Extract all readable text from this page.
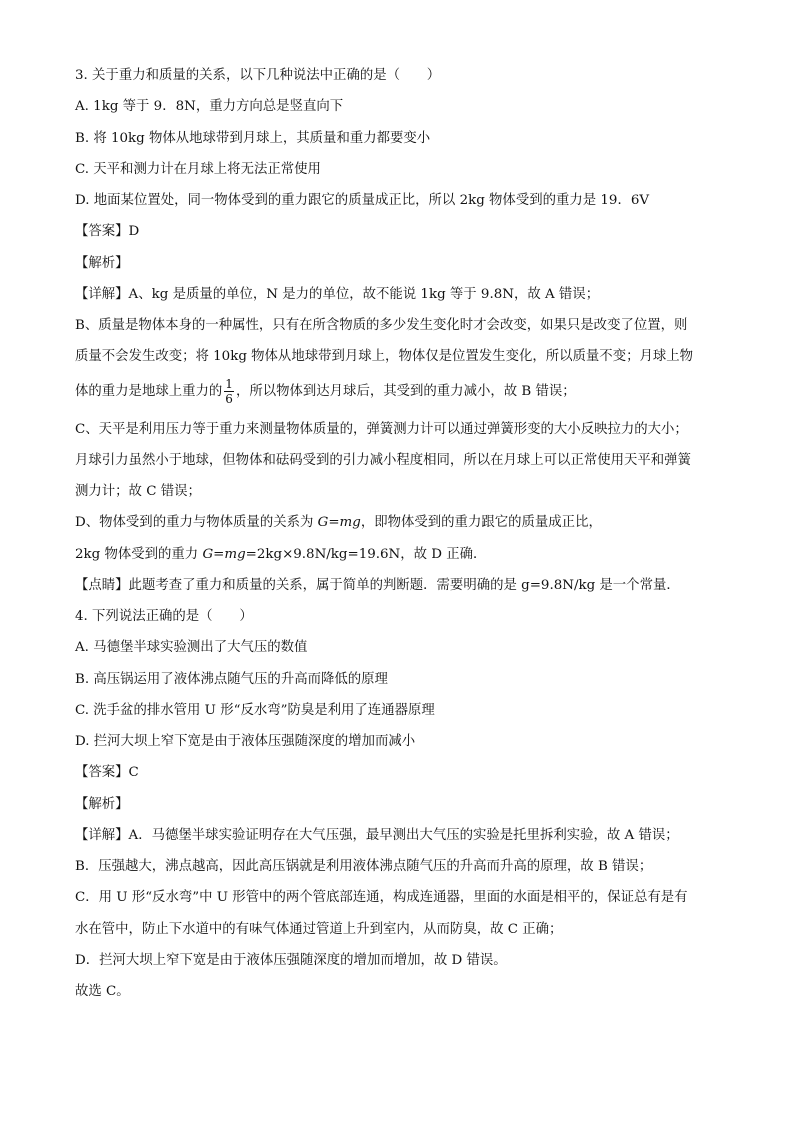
3. 关于重力和质量的关系，以下几种说法中正确的是（　　）
A. 1kg 等于 9．8N，重力方向总是竖直向下
B. 将 10kg 物体从地球带到月球上，其质量和重力都要变小
C. 天平和测力计在月球上将无法正常使用
D. 地面某位置处，同一物体受到的重力跟它的质量成正比，所以 2kg 物体受到的重力是 19．6V
【答案】D
【解析】
【详解】A、kg 是质量的单位，N 是力的单位，故不能说 1kg 等于 9.8N，故 A 错误；
B、质量是物体本身的一种属性，只有在所含物质的多少发生变化时才会改变，如果只是改变了位置，则
质量不会发生改变；将 10kg 物体从地球带到月球上，物体仅是位置发生变化，所以质量不变；月球上物
体的重力是地球上重力的 $\frac{1}{6}$ ，所以物体到达月球后，其受到的重力减小，故 B 错误；
C、天平是利用压力等于重力来测量物体质量的，弹簧测力计可以通过弹簧形变的大小反映拉力的大小；
月球引力虽然小于地球，但物体和砝码受到的引力减小程度相同，所以在月球上可以正常使用天平和弹簧
测力计；故 C 错误；
D、物体受到的重力与物体质量的关系为 G=mg，即物体受到的重力跟它的质量成正比，
2kg 物体受到的重力 G=mg=2kg×9.8N/kg=19.6N，故 D 正确．
【点睛】此题考查了重力和质量的关系，属于简单的判断题．需要明确的是 g=9.8N/kg 是一个常量．
4. 下列说法正确的是（　　）
A. 马德堡半球实验测出了大气压的数值
B. 高压锅运用了液体沸点随气压的升高而降低的原理
C. 洗手盆的排水管用 U 形“反水弯”防臭是利用了连通器原理
D. 拦河大坝上窄下宽是由于液体压强随深度的增加而减小
【答案】C
【解析】
【详解】A．马德堡半球实验证明存在大气压强，最早测出大气压的实验是托里拆利实验，故 A 错误；
B．压强越大，沸点越高，因此高压锅就是利用液体沸点随气压的升高而升高的原理，故 B 错误；
C．用 U 形“反水弯”中 U 形管中的两个管底部连通，构成连通器，里面的水面是相平的，保证总有是有
水在管中，防止下水道中的有味气体通过管道上升到室内，从而防臭，故 C 正确；
D．拦河大坝上窄下宽是由于液体压强随深度的增加而增加，故 D 错误。
故选 C。
